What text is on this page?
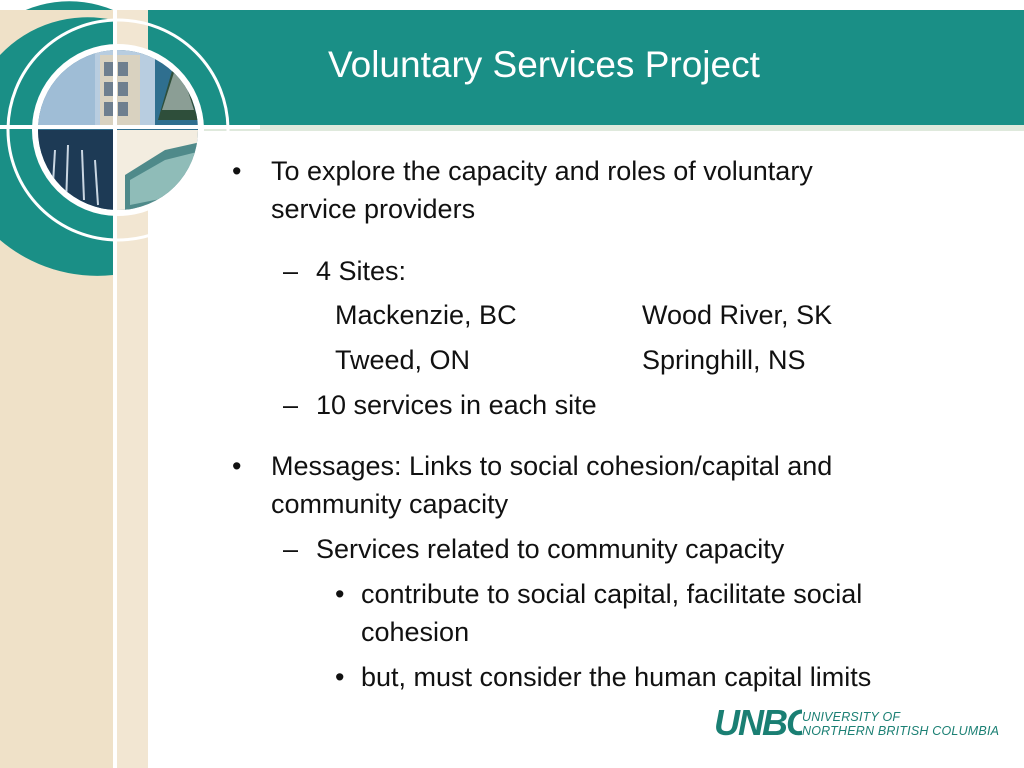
Voluntary Services Project
• To explore the capacity and roles of voluntary
service providers
– 4 Sites:
Mackenzie, BC	Wood River, SK
Tweed, ON	Springhill, NS
– 10 services in each site
• Messages: Links to social cohesion/capital and
community capacity
– Services related to community capacity
• contribute to social capital, facilitate social
cohesion
• but, must consider the human capital limits
UNBC
UNIVERSITY OF
NORTHERN BRITISH COLUMBIA
